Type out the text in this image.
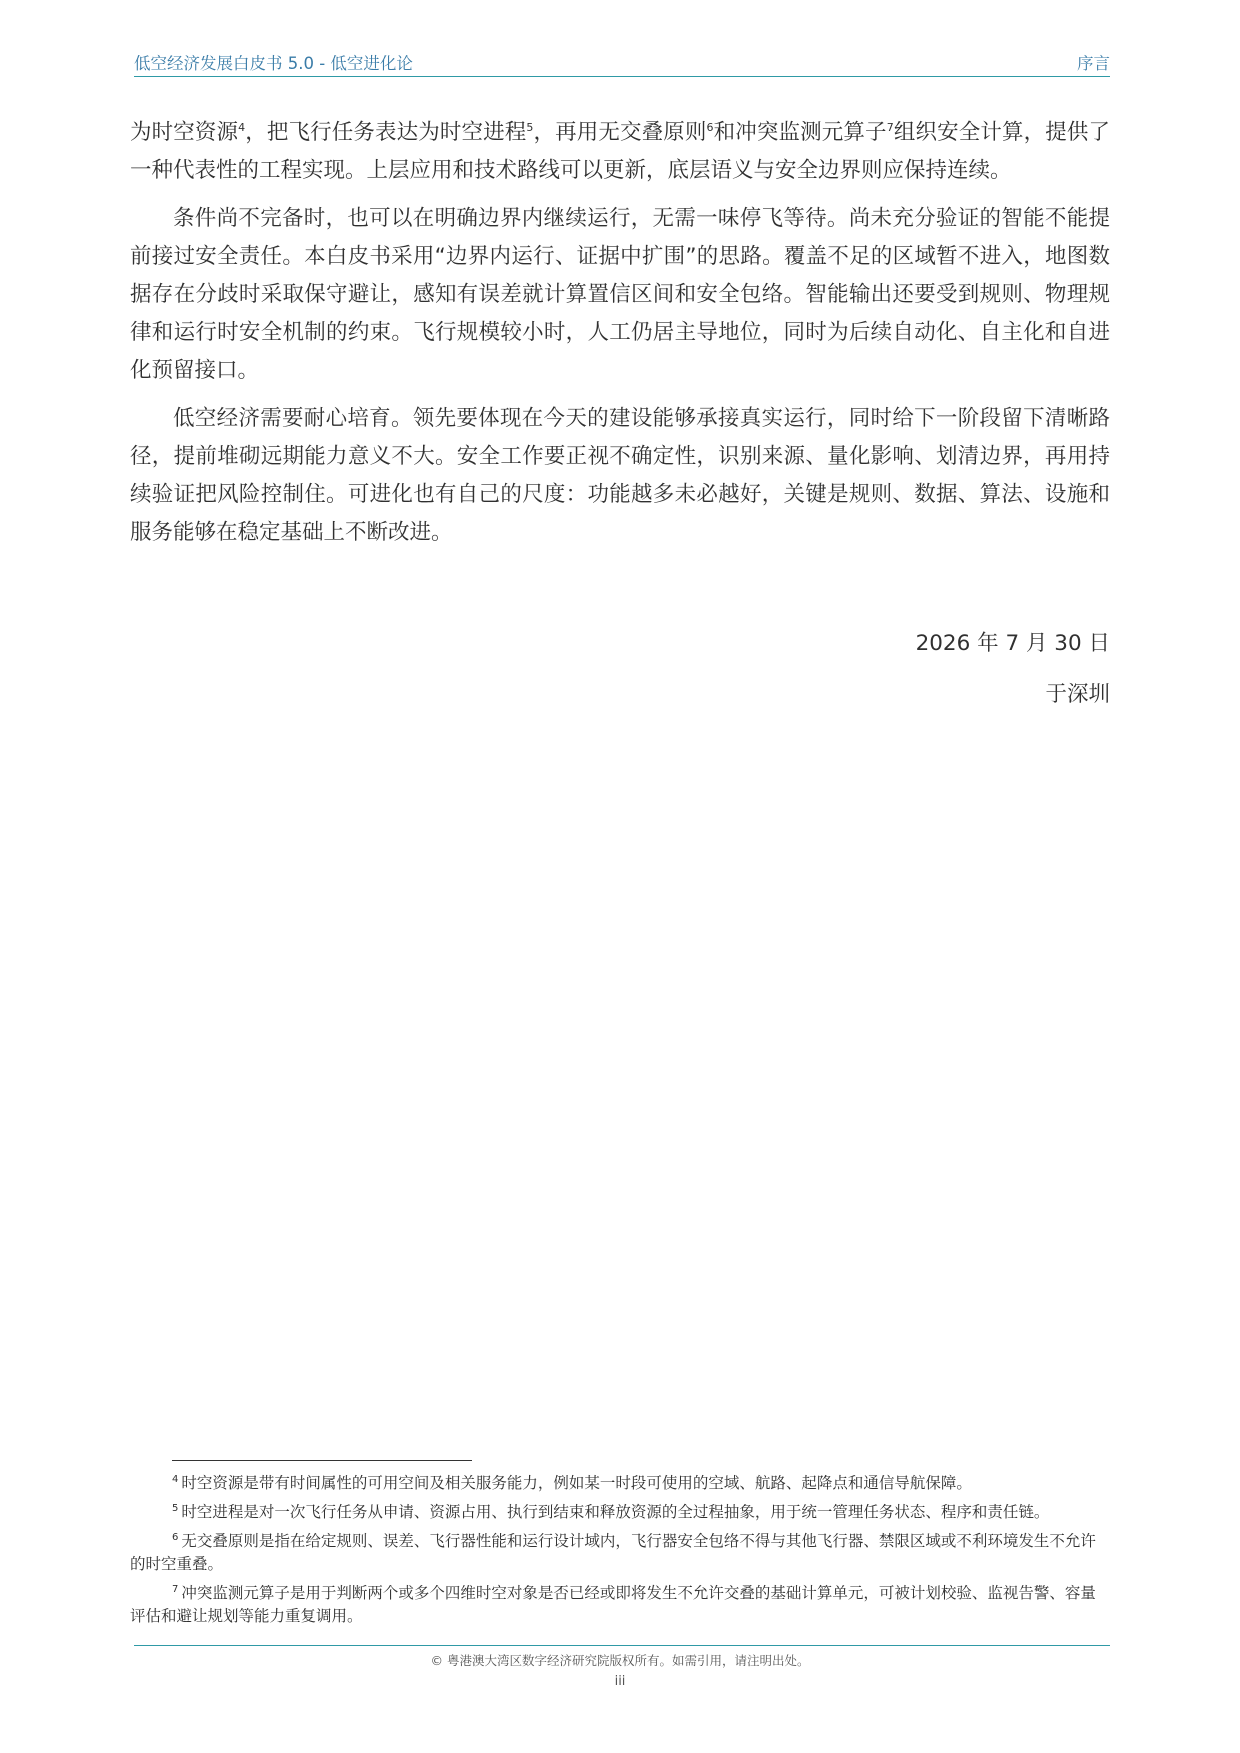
低空经济发展白皮书 5.0 - 低空进化论	序言

为时空资源$^4$，把飞行任务表达为时空进程$^5$，再用无交叠原则$^6$和冲突监测元算子$^7$组织安全计算，提供了一种代表性的工程实现。上层应用和技术路线可以更新，底层语义与安全边界则应保持连续。

条件尚不完备时，也可以在明确边界内继续运行，无需一味停飞等待。尚未充分验证的智能不能提前接过安全责任。本白皮书采用“边界内运行、证据中扩围”的思路。覆盖不足的区域暂不进入，地图数据存在分歧时采取保守避让，感知有误差就计算置信区间和安全包络。智能输出还要受到规则、物理规律和运行时安全机制的约束。飞行规模较小时，人工仍居主导地位，同时为后续自动化、自主化和自进化预留接口。

低空经济需要耐心培育。领先要体现在今天的建设能够承接真实运行，同时给下一阶段留下清晰路径，提前堆砌远期能力意义不大。安全工作要正视不确定性，识别来源、量化影响、划清边界，再用持续验证把风险控制住。可进化也有自己的尺度：功能越多未必越好，关键是规则、数据、算法、设施和服务能够在稳定基础上不断改进。

2026 年 7 月 30 日
于深圳
$^4$ 时空资源是带有时间属性的可用空间及相关服务能力，例如某一时段可使用的空域、航路、起降点和通信导航保障。
$^5$ 时空进程是对一次飞行任务从申请、资源占用、执行到结束和释放资源的全过程抽象，用于统一管理任务状态、程序和责任链。
$^6$ 无交叠原则是指在给定规则、误差、飞行器性能和运行设计域内，飞行器安全包络不得与其他飞行器、禁限区域或不利环境发生不允许的时空重叠。
$^7$ 冲突监测元算子是用于判断两个或多个四维时空对象是否已经或即将发生不允许交叠的基础计算单元，可被计划校验、监视告警、容量评估和避让规划等能力重复调用。
© 粤港澳大湾区数字经济研究院版权所有。如需引用，请注明出处。
iii
